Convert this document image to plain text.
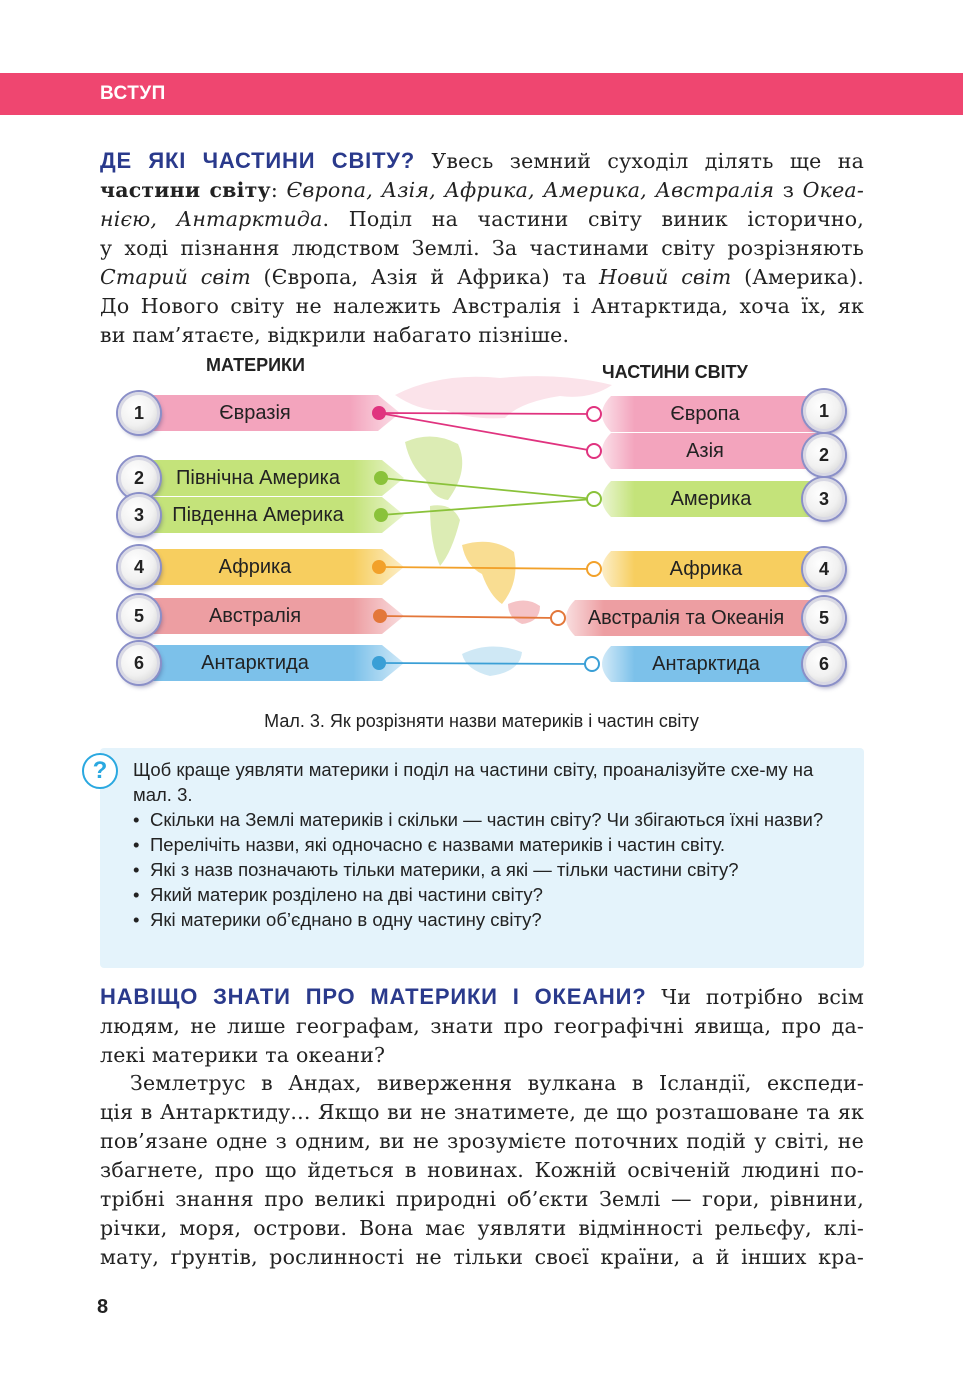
ВСТУП
ДЕ ЯКІ ЧАСТИНИ СВІТУ? Увесь земний суходіл ділять ще на
частини світу: Європа, Азія, Африка, Америка, Австралія з Океа-
нією, Антарктида. Поділ на частини світу виник історично,
у ході пізнання людством Землі. За частинами світу розрізняють
Старий світ (Європа, Азія й Африка) та Новий світ (Америка).
До Нового світу не належить Австралія і Антарктида, хоча їх, як
ви пам’ятаєте, відкрили набагато пізніше.
МАТЕРИКИ	ЧАСТИНИ СВІТУ
Євразія
Північна Америка
Південна Америка
Африка
Австралія
Антарктида
Європа
Азія
Америка
Африка
Австралія та Океанія
Антарктида
1
2
3
4
5
6
1
2
3
4
5
6
Мал. 3. Як розрізняти назви материків і частин світу
?	Щоб краще уявляти материки і поділ на частини світу, проаналізуйте схе-му на мал. 3.
• Скільки на Землі материків і скільки — частин світу? Чи збігаються їхні назви?
• Перелічіть назви, які одночасно є назвами материків і частин світу.
• Які з назв позначають тільки материки, а які — тільки частини світу?
• Який материк розділено на дві частини світу?
• Які материки об’єднано в одну частину світу?
НАВІЩО ЗНАТИ ПРО МАТЕРИКИ І ОКЕАНИ? Чи потрібно всім
людям, не лише географам, знати про географічні явища, про да-
лекі материки та океани?
Землетрус в Андах, виверження вулкана в Ісландії, експеди-
ція в Антарктиду... Якщо ви не знатимете, де що розташоване та як
пов’язане одне з одним, ви не зрозумієте поточних подій у світі, не
збагнете, про що йдеться в новинах. Кожній освіченій людині по-
трібні знання про великі природні об’єкти Землі — гори, рівнини,
річки, моря, острови. Вона має уявляти відмінності рельєфу, клі-
мату, ґрунтів, рослинності не тільки своєї країни, а й інших кра-
8
